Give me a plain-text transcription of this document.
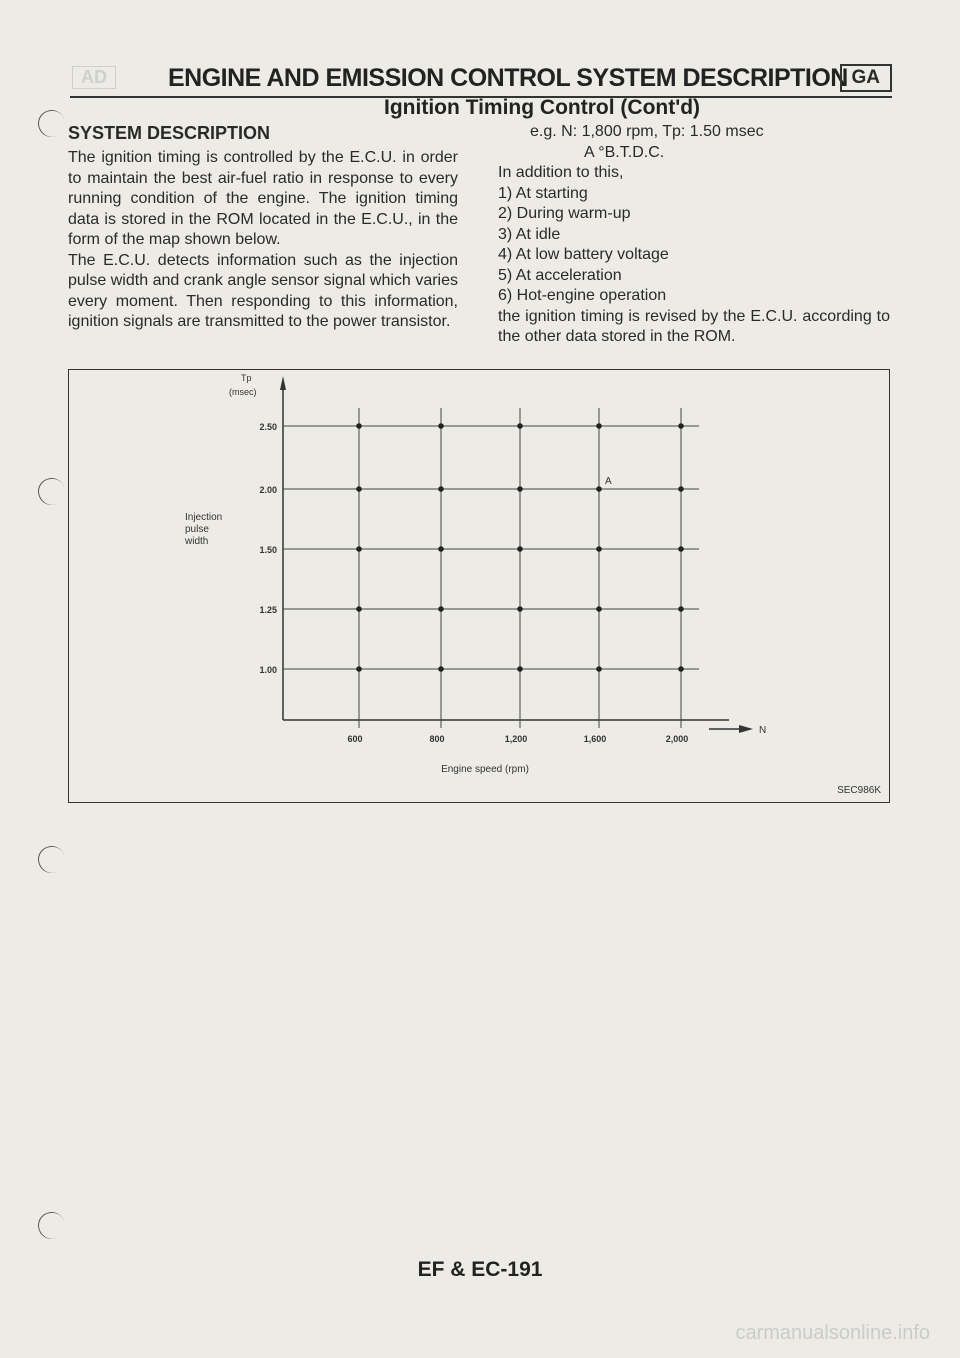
AD	ENGINE AND EMISSION CONTROL SYSTEM DESCRIPTION GA
Ignition Timing Control (Cont'd)
SYSTEM DESCRIPTION

The ignition timing is controlled by the E.C.U. in order to maintain the best air-fuel ratio in response to every running condition of the engine. The ignition timing data is stored in the ROM located in the E.C.U., in the form of the map shown below.

The E.C.U. detects information such as the injection pulse width and crank angle sensor signal which varies every moment. Then responding to this information, ignition signals are transmitted to the power transistor.

e.g. N: 1,800 rpm, Tp: 1.50 msec
A °B.T.D.C.
In addition to this,
1) At starting
2) During warm-up
3) At idle
4) At low battery voltage
5) At acceleration
6) Hot-engine operation
the ignition timing is revised by the E.C.U. according to the other data stored in the ROM.
N
Tp
(msec)
Injection
pulse
width
2.50
2.00
1.50
1.25
1.00
600	800	1,200	1,600	2,000
A
Engine speed (rpm)
SEC986K
EF & EC-191
carmanualsonline.info
